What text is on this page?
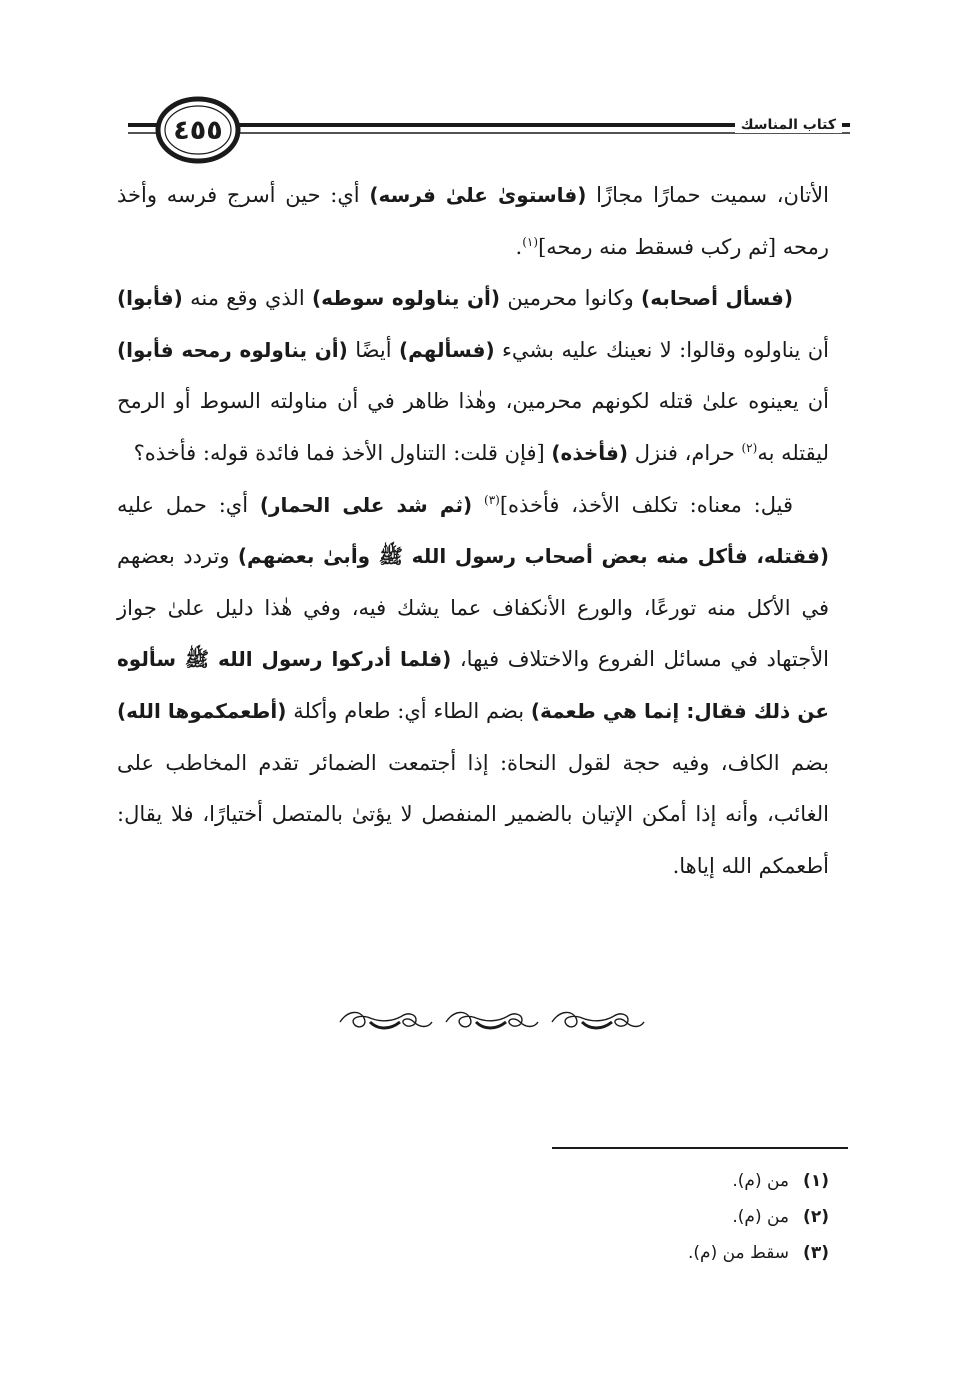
٤٥٥	كتاب المناسك

الأتان، سميت حمارًا مجازًا (فاستوىٰ علىٰ فرسه) أي: حين أسرج فرسه وأخذ رمحه [ثم ركب فسقط منه رمحه]$^{(١)}$.

(فسأل أصحابه) وكانوا محرمين (أن يناولوه سوطه) الذي وقع منه (فأبوا) أن يناولوه وقالوا: لا نعينك عليه بشيء (فسألهم) أيضًا (أن يناولوه رمحه فأبوا) أن يعينوه علىٰ قتله لكونهم محرمين، وهٰذا ظاهر في أن مناولته السوط أو الرمح ليقتله به$^{(٢)}$ حرام، فنزل (فأخذه) [فإن قلت: التناول الأخذ فما فائدة قوله: فأخذه؟

قيل: معناه: تكلف الأخذ، فأخذه]$^{(٣)}$ (ثم شد على الحمار) أي: حمل عليه (فقتله، فأكل منه بعض أصحاب رسول الله ﷺ وأبىٰ بعضهم) وتردد بعضهم في الأكل منه تورعًا، والورع الأنكفاف عما يشك فيه، وفي هٰذا دليل علىٰ جواز الأجتهاد في مسائل الفروع والاختلاف فيها، (فلما أدركوا رسول الله ﷺ سألوه عن ذلك فقال: إنما هي طعمة) بضم الطاء أي: طعام وأكلة (أطعمكموها الله) بضم الكاف، وفيه حجة لقول النحاة: إذا أجتمعت الضمائر تقدم المخاطب على الغائب، وأنه إذا أمكن الإتيان بالضمير المنفصل لا يؤتىٰ بالمتصل أختيارًا، فلا يقال: أطعمكم الله إياها.

(١)
من (م).
(٢)
من (م).
(٣)
سقط من (م).
